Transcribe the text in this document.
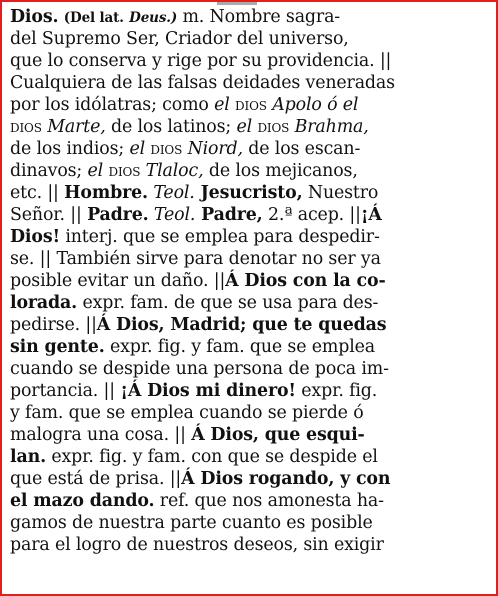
Dios. (Del lat. Deus.) m. Nombre sagra-
del Supremo Ser, Criador del universo,
que lo conserva y rige por su providencia. ||
Cualquiera de las falsas deidades veneradas
por los idólatras; como el dios Apolo ó el
dios Marte, de los latinos; el dios Brahma,
de los indios; el dios Niord, de los escan-
dinavos; el dios Tlaloc, de los mejicanos,
etc. || Hombre. Teol. Jesucristo, Nuestro
Señor. || Padre. Teol. Padre, 2.ª acep. ||¡Á
Dios! interj. que se emplea para despedir-
se. || También sirve para denotar no ser ya
posible evitar un daño. ||Á Dios con la co-
lorada. expr. fam. de que se usa para des-
pedirse. ||Á Dios, Madrid; que te quedas
sin gente. expr. fig. y fam. que se emplea
cuando se despide una persona de poca im-
portancia. || ¡Á Dios mi dinero! expr. fig.
y fam. que se emplea cuando se pierde ó
malogra una cosa. || Á Dios, que esqui-
lan. expr. fig. y fam. con que se despide el
que está de prisa. ||Á Dios rogando, y con
el mazo dando. ref. que nos amonesta ha-
gamos de nuestra parte cuanto es posible
para el logro de nuestros deseos, sin exigir
